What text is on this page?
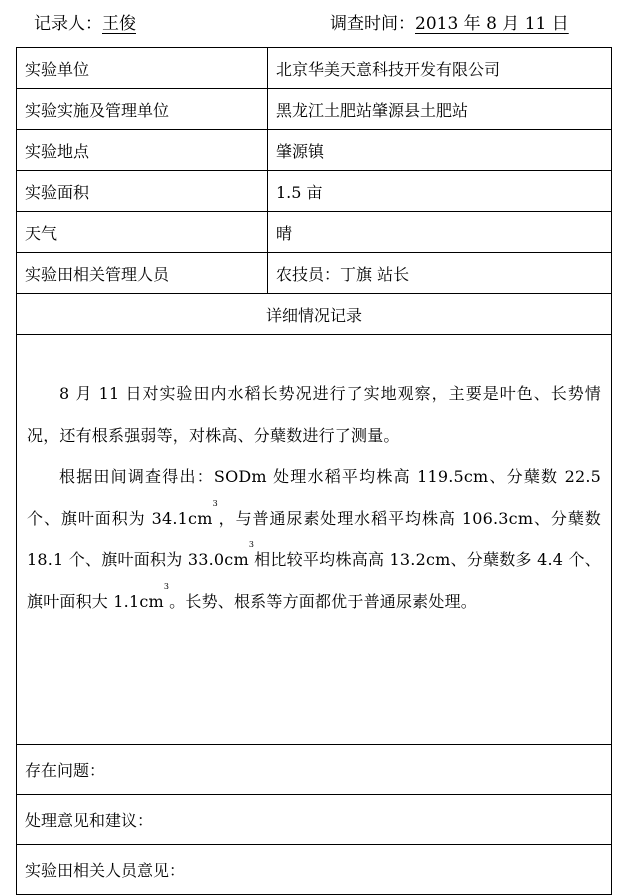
记录人：王俊	调查时间：2013 年 8 月 11 日
实验单位	北京华美天意科技开发有限公司
实验实施及管理单位	黑龙江土肥站肇源县土肥站
实验地点	肇源镇
实验面积	1.5 亩
天气	晴
实验田相关管理人员	农技员：丁旗 站长
详细情况记录	

8 月 11 日对实验田内水稻长势况进行了实地观察，主要是叶色、长势情况，还有根系强弱等，对株高、分蘖数进行了测量。

根据田间调查得出：SODm 处理水稻平均株高 119.5cm、分蘖数 22.5 个、旗叶面积为 $34.1cm^3$，与普通尿素处理水稻平均株高 106.3cm、分蘖数 18.1 个、旗叶面积为 $33.0cm^3$相比较平均株高高 13.2cm、分蘖数多 4.4 个、旗叶面积大 $1.1cm^3$。长势、根系等方面都优于普通尿素处理。	

存在问题：	
处理意见和建议：	
实验田相关人员意见：	
